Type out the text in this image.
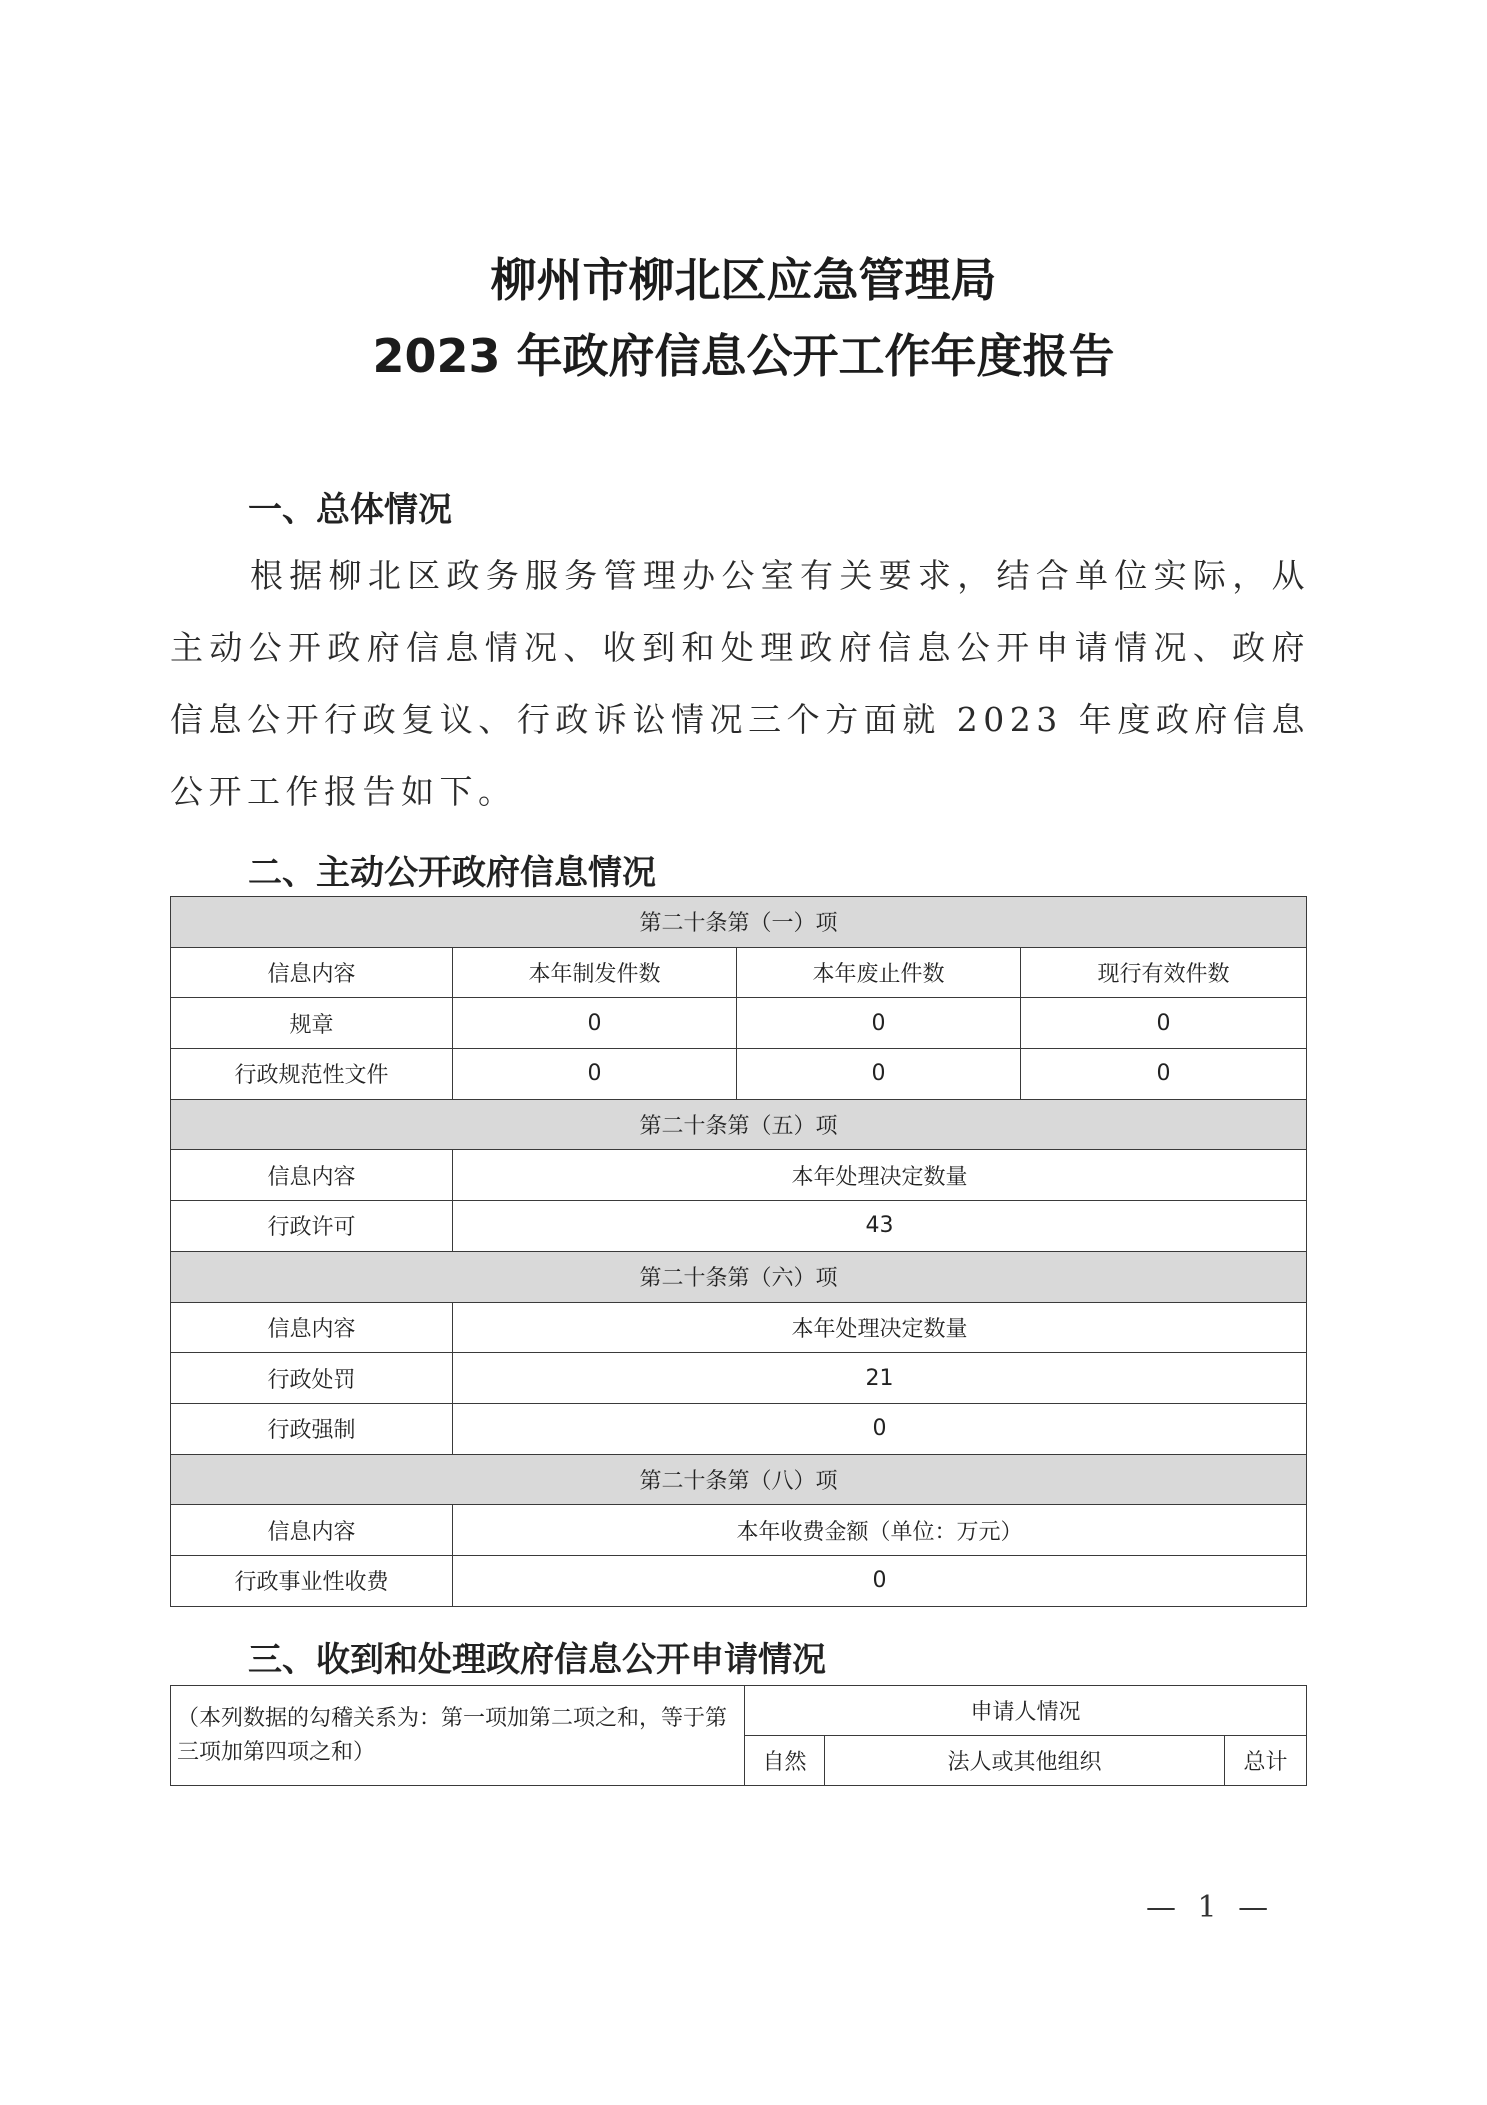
柳州市柳北区应急管理局
2023 年政府信息公开工作年度报告
一、总体情况

根据柳北区政务服务管理办公室有关要求，结合单位实际，从主动公开政府信息情况、收到和处理政府信息公开申请情况、政府信息公开行政复议、行政诉讼情况三个方面就 2023 年度政府信息公开工作报告如下。

二、主动公开政府信息情况
第二十条第（一）项			
信息内容	本年制发件数	本年废止件数	现行有效件数
规章	0	0	0
行政规范性文件	0	0	0
第二十条第（五）项			
信息内容	本年处理决定数量		
行政许可	43		
第二十条第（六）项			
信息内容	本年处理决定数量		
行政处罚	21		
行政强制	0		
第二十条第（八）项			
信息内容	本年收费金额（单位：万元）		
行政事业性收费	0		
三、收到和处理政府信息公开申请情况
（本列数据的勾稽关系为：第一项加第二项之和，等于第三项加第四项之和）	申请人情况		
	自然	法人或其他组织	总计
— 1 —
